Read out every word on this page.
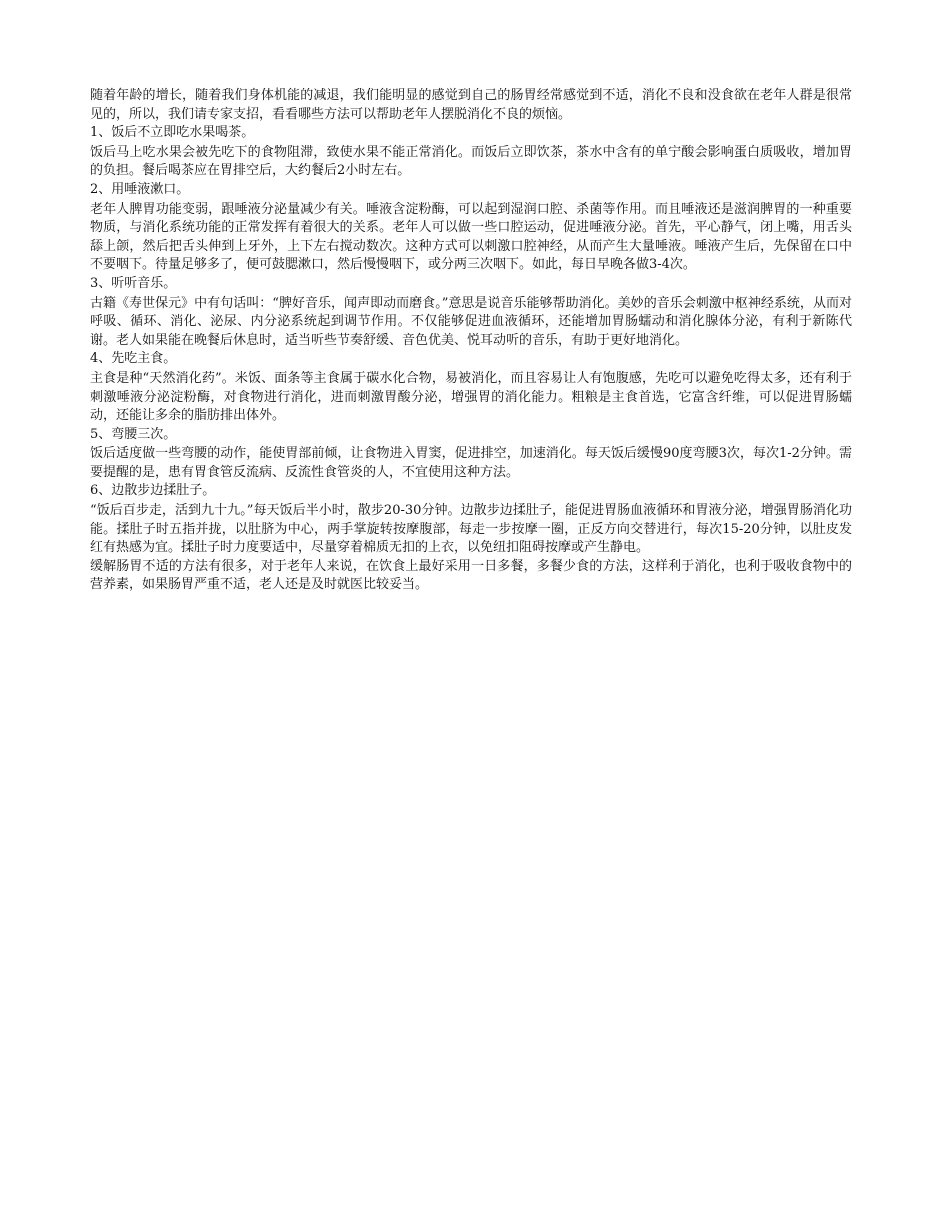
随着年龄的增长，随着我们身体机能的减退，我们能明显的感觉到自己的肠胃经常感觉到不适，消化不良和没食欲在老年人群是很常见的，所以，我们请专家支招，看看哪些方法可以帮助老年人摆脱消化不良的烦恼。

1、饭后不立即吃水果喝茶。

饭后马上吃水果会被先吃下的食物阻滞，致使水果不能正常消化。而饭后立即饮茶，茶水中含有的单宁酸会影响蛋白质吸收，增加胃的负担。餐后喝茶应在胃排空后，大约餐后2小时左右。

2、用唾液漱口。

老年人脾胃功能变弱，跟唾液分泌量减少有关。唾液含淀粉酶，可以起到湿润口腔、杀菌等作用。而且唾液还是滋润脾胃的一种重要物质，与消化系统功能的正常发挥有着很大的关系。老年人可以做一些口腔运动，促进唾液分泌。首先，平心静气，闭上嘴，用舌头舔上颌，然后把舌头伸到上牙外，上下左右搅动数次。这种方式可以刺激口腔神经，从而产生大量唾液。唾液产生后，先保留在口中不要咽下。待量足够多了，便可鼓腮漱口，然后慢慢咽下，或分两三次咽下。如此，每日早晚各做3-4次。

3、听听音乐。

古籍《寿世保元》中有句话叫：“脾好音乐，闻声即动而磨食。”意思是说音乐能够帮助消化。美妙的音乐会刺激中枢神经系统，从而对呼吸、循环、消化、泌尿、内分泌系统起到调节作用。不仅能够促进血液循环，还能增加胃肠蠕动和消化腺体分泌，有利于新陈代谢。老人如果能在晚餐后休息时，适当听些节奏舒缓、音色优美、悦耳动听的音乐，有助于更好地消化。

4、先吃主食。

主食是种“天然消化药”。米饭、面条等主食属于碳水化合物，易被消化，而且容易让人有饱腹感，先吃可以避免吃得太多，还有利于刺激唾液分泌淀粉酶，对食物进行消化，进而刺激胃酸分泌，增强胃的消化能力。粗粮是主食首选，它富含纤维，可以促进胃肠蠕动，还能让多余的脂肪排出体外。

5、弯腰三次。

饭后适度做一些弯腰的动作，能使胃部前倾，让食物进入胃窦，促进排空，加速消化。每天饭后缓慢90度弯腰3次，每次1-2分钟。需要提醒的是，患有胃食管反流病、反流性食管炎的人，不宜使用这种方法。

6、边散步边揉肚子。

“饭后百步走，活到九十九。”每天饭后半小时，散步20-30分钟。边散步边揉肚子，能促进胃肠血液循环和胃液分泌，增强胃肠消化功能。揉肚子时五指并拢，以肚脐为中心，两手掌旋转按摩腹部，每走一步按摩一圈，正反方向交替进行，每次15-20分钟，以肚皮发红有热感为宜。揉肚子时力度要适中，尽量穿着棉质无扣的上衣，以免纽扣阻碍按摩或产生静电。

缓解肠胃不适的方法有很多，对于老年人来说，在饮食上最好采用一日多餐，多餐少食的方法，这样利于消化，也利于吸收食物中的营养素，如果肠胃严重不适，老人还是及时就医比较妥当。
